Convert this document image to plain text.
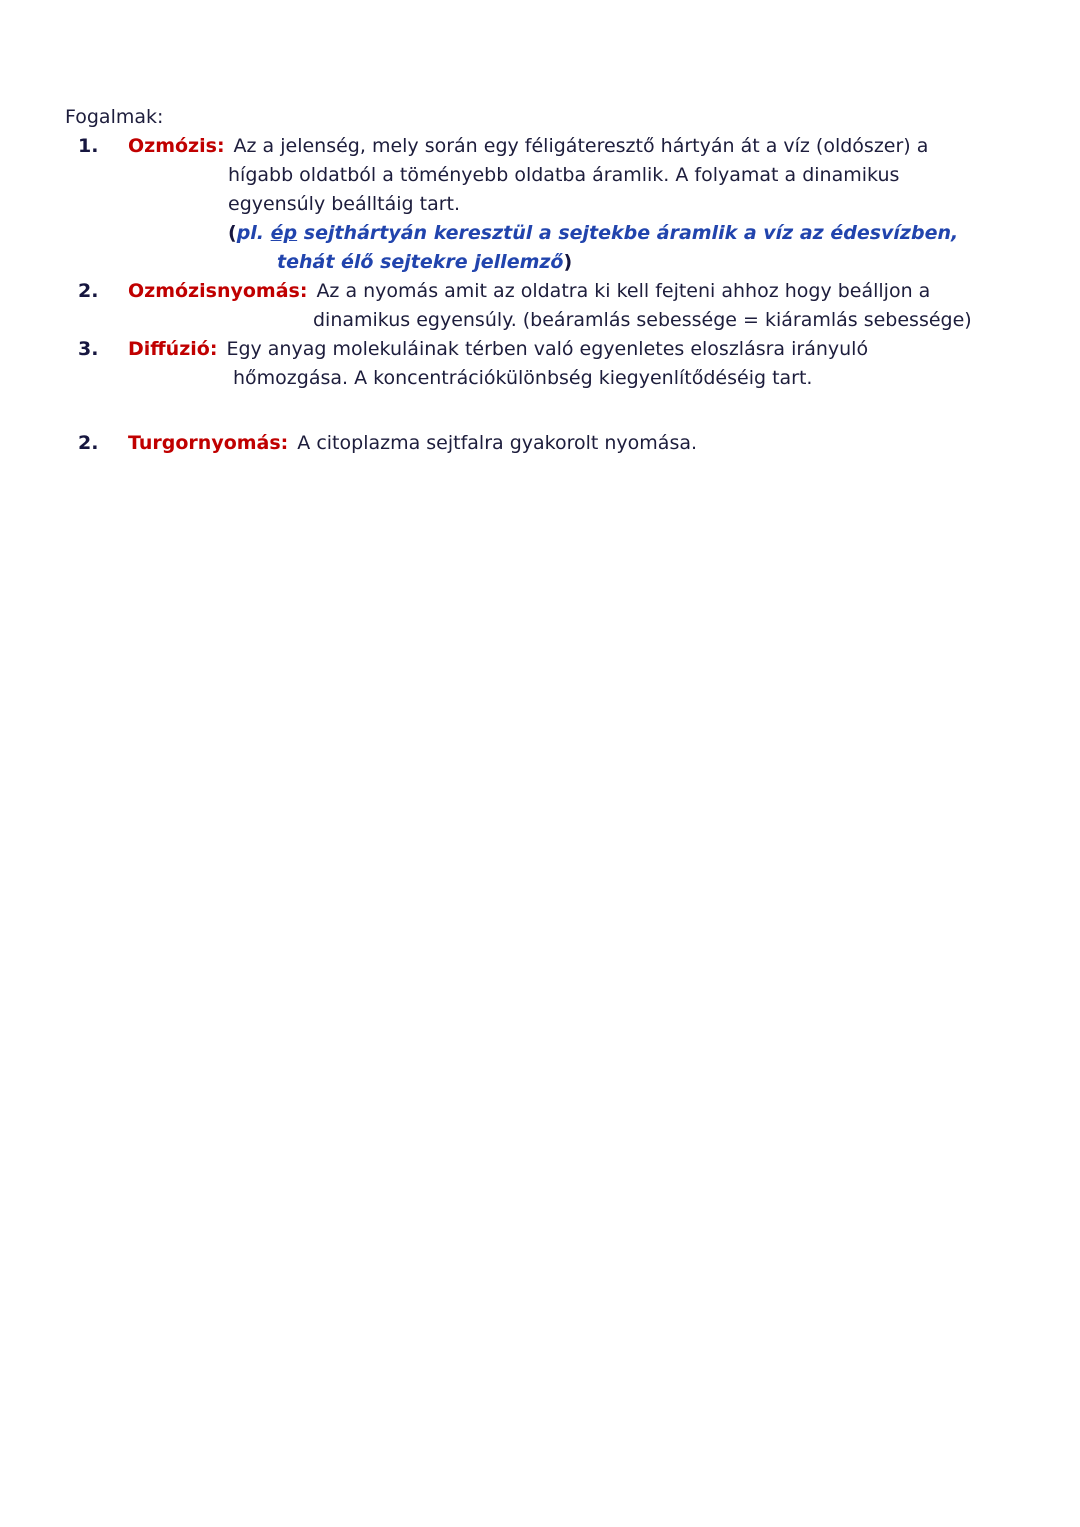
Fogalmak:
1. Ozmózis: Az a jelenség, mely során egy féligáteresztő hártyán át a víz (oldószer) a
hígabb oldatból a töményebb oldatba áramlik. A folyamat a dinamikus
egyensúly beálltáig tart.
(pl. ép sejthártyán keresztül a sejtekbe áramlik a víz az édesvízben,
tehát élő sejtekre jellemző)
2. Ozmózisnyomás: Az a nyomás amit az oldatra ki kell fejteni ahhoz hogy beálljon a
dinamikus egyensúly. (beáramlás sebessége = kiáramlás sebessége)
3. Diffúzió: Egy anyag molekuláinak térben való egyenletes eloszlásra irányuló
hőmozgása. A koncentrációkülönbség kiegyenlítődéséig tart.
2. Turgornyomás: A citoplazma sejtfalra gyakorolt nyomása.
